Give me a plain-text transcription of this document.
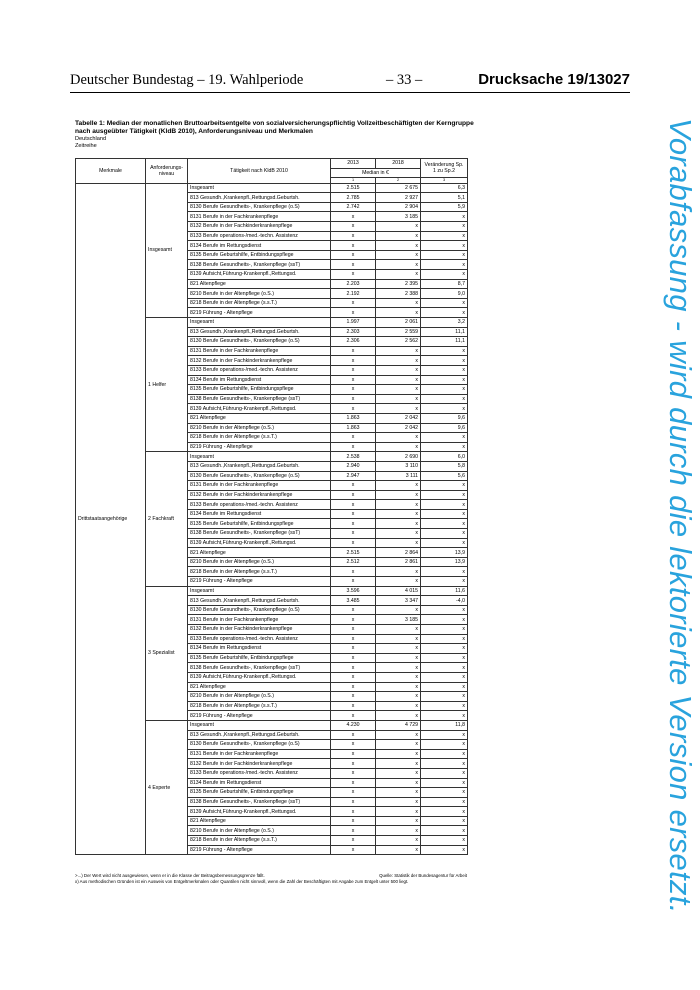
Deutscher Bundestag – 19. Wahlperiode	– 33 –	Drucksache 19/13027
Tabelle 1: Median der monatlichen Bruttoarbeitsentgelte von sozialversicherungspflichtig Vollzeitbeschäftigten der Kerngruppe nach ausgeübter Tätigkeit (KldB 2010), Anforderungsniveau und Merkmalen
Deutschland
Zeitreihe
Merkmale	Anforderungs-niveau	Tätigkeit nach KldB 2010	2013	2018	Veränderung Sp. 1 zu Sp.2
			Median in €		
			1	2	3
Drittstaatsangehörige	Insgesamt	Insgesamt	2.515	2 675	6,3
		813 Gesundh.,Krankenpfl.,Rettungsd.Geburtsh.	2.785	2 927	5,1
		8130 Berufe Gesundheits-, Krankenpflege (o.S)	2.742	2 904	5,9
		8131 Berufe in der Fachkrankenpflege	x	3 185	x
		8132 Berufe in der Fachkinderkrankenpflege	x	x	x
		8133 Berufe operations-/med.-techn. Assistenz	x	x	x
		8134 Berufe im Rettungsdienst	x	x	x
		8135 Berufe Geburtshilfe, Entbindungspflege	x	x	x
		8138 Berufe Gesundheits-, Krankenpflege (ssT)	x	x	x
		8139 Aufsicht,Führung-Krankenpfl.,Rettungsd.	x	x	x
		821 Altenpflege	2.203	2 395	8,7
		8210 Berufe in der Altenpflege (o.S.)	2.192	2 388	9,0
		8218 Berufe in der Altenpflege (s.s.T.)	x	x	x
		8219 Führung - Altenpflege	x	x	x
	1 Helfer	Insgesamt	1.997	2 061	3,2
		813 Gesundh.,Krankenpfl.,Rettungsd.Geburtsh.	2.303	2 559	11,1
		8130 Berufe Gesundheits-, Krankenpflege (o.S)	2.306	2 562	11,1
		8131 Berufe in der Fachkrankenpflege	x	x	x
		8132 Berufe in der Fachkinderkrankenpflege	x	x	x
		8133 Berufe operations-/med.-techn. Assistenz	x	x	x
		8134 Berufe im Rettungsdienst	x	x	x
		8135 Berufe Geburtshilfe, Entbindungspflege	x	x	x
		8138 Berufe Gesundheits-, Krankenpflege (ssT)	x	x	x
		8139 Aufsicht,Führung-Krankenpfl.,Rettungsd.	x	x	x
		821 Altenpflege	1.863	2 042	9,6
		8210 Berufe in der Altenpflege (o.S.)	1.863	2 042	9,6
		8218 Berufe in der Altenpflege (s.s.T.)	x	x	x
		8219 Führung - Altenpflege	x	x	x
	2 Fachkraft	Insgesamt	2.538	2 690	6,0
		813 Gesundh.,Krankenpfl.,Rettungsd.Geburtsh.	2.940	3 110	5,8
		8130 Berufe Gesundheits-, Krankenpflege (o.S)	2.947	3 111	5,6
		8131 Berufe in der Fachkrankenpflege	x	x	x
		8132 Berufe in der Fachkinderkrankenpflege	x	x	x
		8133 Berufe operations-/med.-techn. Assistenz	x	x	x
		8134 Berufe im Rettungsdienst	x	x	x
		8135 Berufe Geburtshilfe, Entbindungspflege	x	x	x
		8138 Berufe Gesundheits-, Krankenpflege (ssT)	x	x	x
		8139 Aufsicht,Führung-Krankenpfl.,Rettungsd.	x	x	x
		821 Altenpflege	2.515	2 864	13,9
		8210 Berufe in der Altenpflege (o.S.)	2.512	2 861	13,9
		8218 Berufe in der Altenpflege (s.s.T.)	x	x	x
		8219 Führung - Altenpflege	x	x	x
	3 Spezialist	Insgesamt	3.596	4 015	11,6
		813 Gesundh.,Krankenpfl.,Rettungsd.Geburtsh.	3.485	3 347	-4,0
		8130 Berufe Gesundheits-, Krankenpflege (o.S)	x	x	x
		8131 Berufe in der Fachkrankenpflege	x	3 185	x
		8132 Berufe in der Fachkinderkrankenpflege	x	x	x
		8133 Berufe operations-/med.-techn. Assistenz	x	x	x
		8134 Berufe im Rettungsdienst	x	x	x
		8135 Berufe Geburtshilfe, Entbindungspflege	x	x	x
		8138 Berufe Gesundheits-, Krankenpflege (ssT)	x	x	x
		8139 Aufsicht,Führung-Krankenpfl.,Rettungsd.	x	x	x
		821 Altenpflege	x	x	x
		8210 Berufe in der Altenpflege (o.S.)	x	x	x
		8218 Berufe in der Altenpflege (s.s.T.)	x	x	x
		8219 Führung - Altenpflege	x	x	x
	4 Experte	Insgesamt	4.230	4 729	11,8
		813 Gesundh.,Krankenpfl.,Rettungsd.Geburtsh.	x	x	x
		8130 Berufe Gesundheits-, Krankenpflege (o.S)	x	x	x
		8131 Berufe in der Fachkrankenpflege	x	x	x
		8132 Berufe in der Fachkinderkrankenpflege	x	x	x
		8133 Berufe operations-/med.-techn. Assistenz	x	x	x
		8134 Berufe im Rettungsdienst	x	x	x
		8135 Berufe Geburtshilfe, Entbindungspflege	x	x	x
		8138 Berufe Gesundheits-, Krankenpflege (ssT)	x	x	x
		8139 Aufsicht,Führung-Krankenpfl.,Rettungsd.	x	x	x
		821 Altenpflege	x	x	x
		8210 Berufe in der Altenpflege (o.S.)	x	x	x
		8218 Berufe in der Altenpflege (s.s.T.)	x	x	x
		8219 Führung - Altenpflege	x	x	x
>...) Der Wert wird nicht ausgewiesen, wenn er in die Klasse der Beitragsbemessungsgrenze fällt.	Quelle: Statistik der Bundesagentur für Arbeit
x) Aus methodischen Gründen ist ein Ausweis von Entgeltmerkmalen oder Quantilen nicht sinnvoll, wenn die Zahl der Beschäftigten mit Angabe zum Entgelt unter 500 liegt.	Vorabfassung - wird durch die lektorierte Version ersetzt.
